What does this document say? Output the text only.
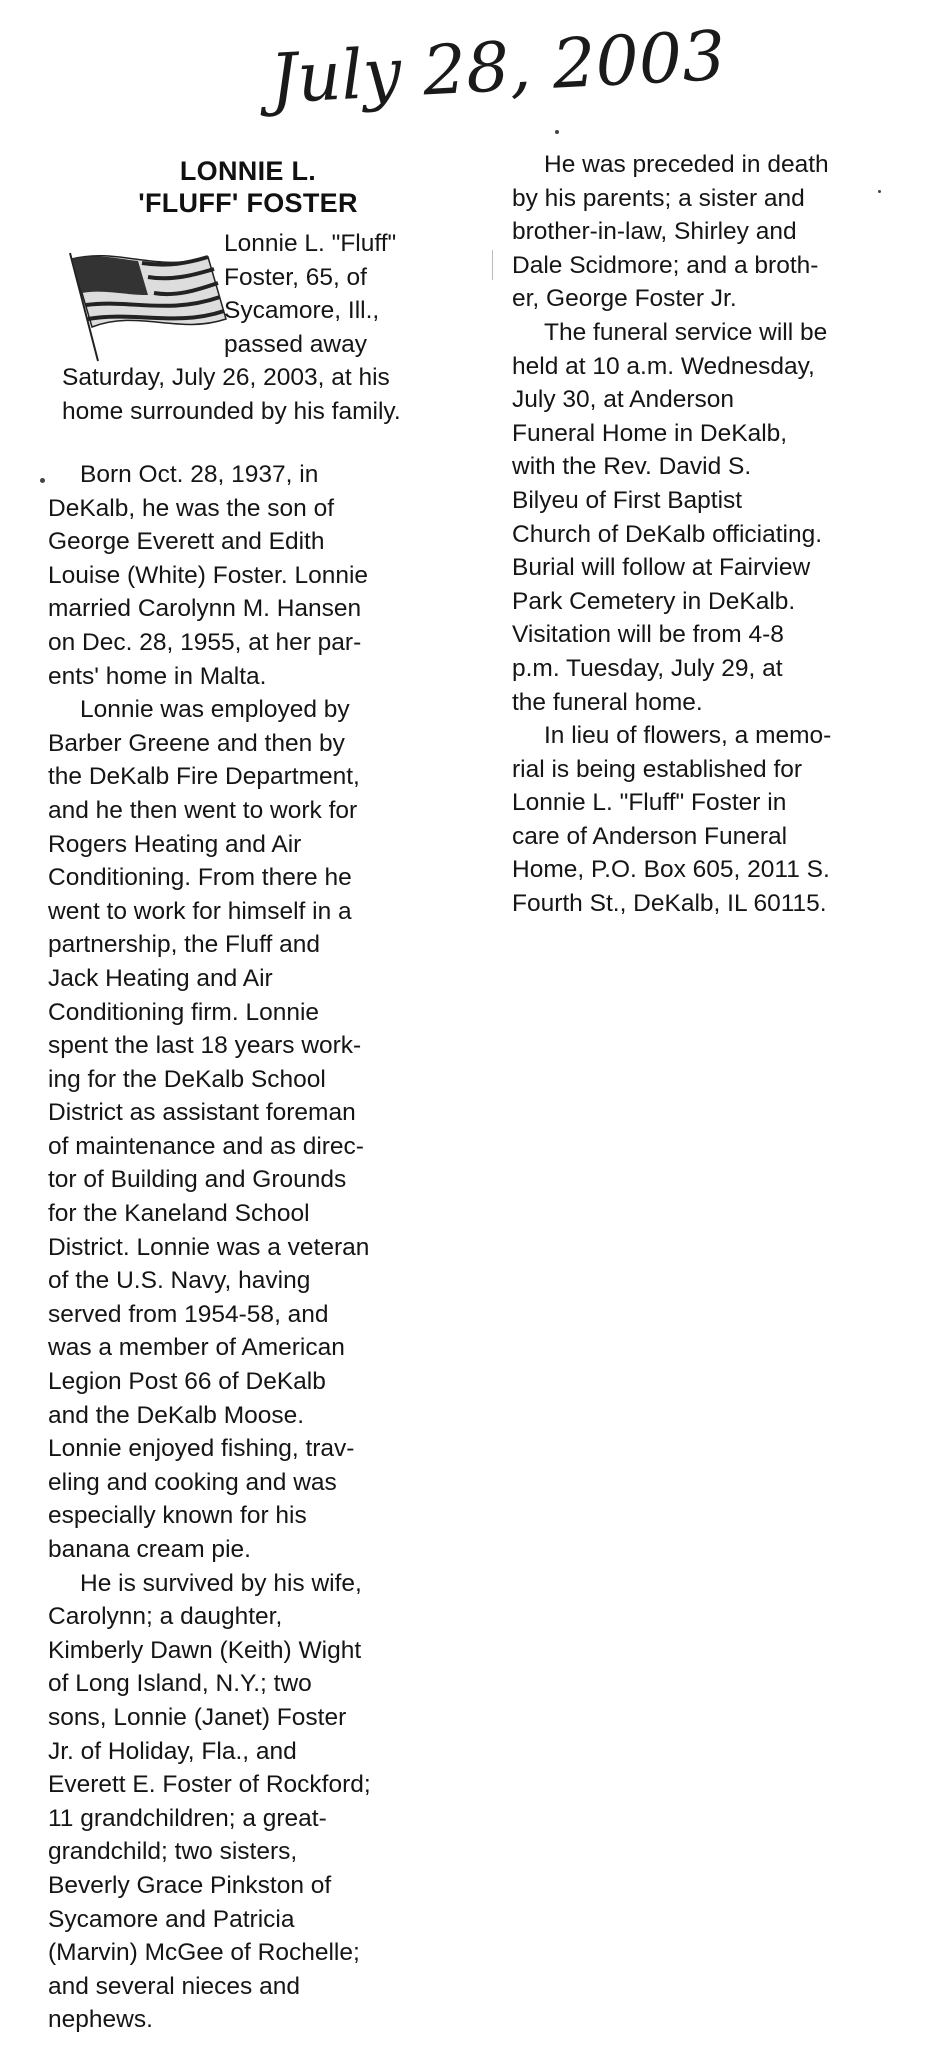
July 28, 2003

LONNIE L.

'FLUFF' FOSTER

Lonnie L. "Fluff"
Foster, 65, of
Sycamore, Ill.,
passed away
Saturday, July 26, 2003, at his
home surrounded by his family.
Born Oct. 28, 1937, in
DeKalb, he was the son of
George Everett and Edith
Louise (White) Foster. Lonnie
married Carolynn M. Hansen
on Dec. 28, 1955, at her par-
ents' home in Malta.
Lonnie was employed by
Barber Greene and then by
the DeKalb Fire Department,
and he then went to work for
Rogers Heating and Air
Conditioning. From there he
went to work for himself in a
partnership, the Fluff and
Jack Heating and Air
Conditioning firm. Lonnie
spent the last 18 years work-
ing for the DeKalb School
District as assistant foreman
of maintenance and as direc-
tor of Building and Grounds
for the Kaneland School
District. Lonnie was a veteran
of the U.S. Navy, having
served from 1954-58, and
was a member of American
Legion Post 66 of DeKalb
and the DeKalb Moose.
Lonnie enjoyed fishing, trav-
eling and cooking and was
especially known for his
banana cream pie.
He is survived by his wife,
Carolynn; a daughter,
Kimberly Dawn (Keith) Wight
of Long Island, N.Y.; two
sons, Lonnie (Janet) Foster
Jr. of Holiday, Fla., and
Everett E. Foster of Rockford;
11 grandchildren; a great-
grandchild; two sisters,
Beverly Grace Pinkston of
Sycamore and Patricia
(Marvin) McGee of Rochelle;
and several nieces and
nephews.
He was preceded in death
by his parents; a sister and
brother-in-law, Shirley and
Dale Scidmore; and a broth-
er, George Foster Jr.
The funeral service will be
held at 10 a.m. Wednesday,
July 30, at Anderson
Funeral Home in DeKalb,
with the Rev. David S.
Bilyeu of First Baptist
Church of DeKalb officiating.
Burial will follow at Fairview
Park Cemetery in DeKalb.
Visitation will be from 4-8
p.m. Tuesday, July 29, at
the funeral home.
In lieu of flowers, a memo-
rial is being established for
Lonnie L. "Fluff" Foster in
care of Anderson Funeral
Home, P.O. Box 605, 2011 S.
Fourth St., DeKalb, IL 60115.
